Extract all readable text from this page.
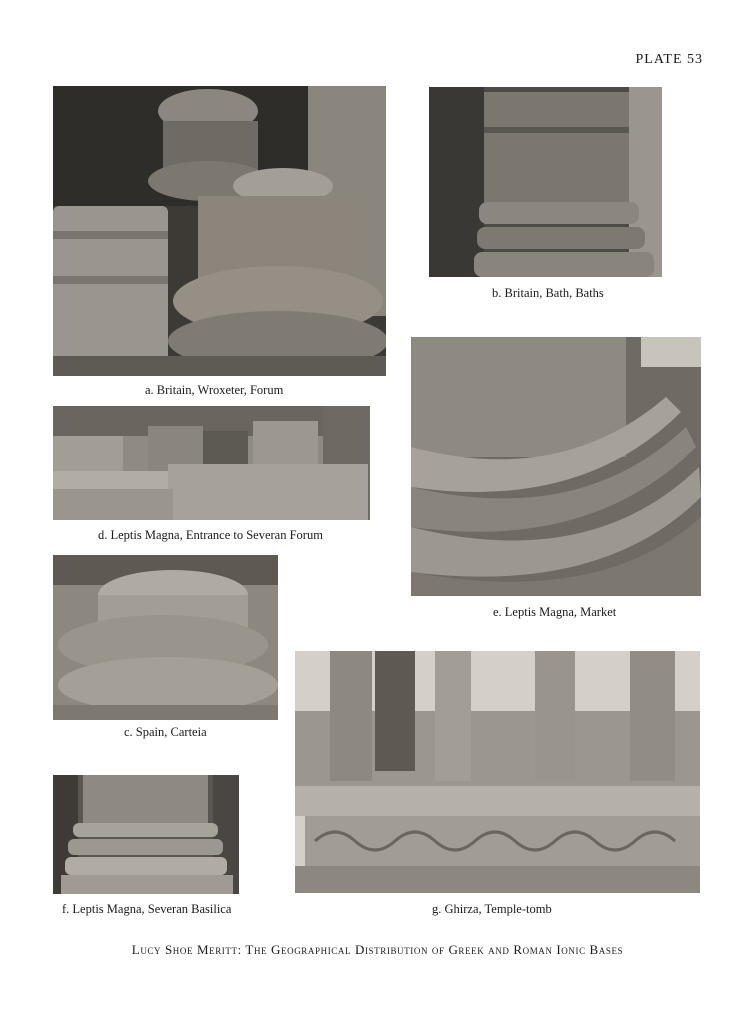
PLATE 53
a. Britain, Wroxeter, Forum
b. Britain, Bath, Baths
d. Leptis Magna, Entrance to Severan Forum
e. Leptis Magna, Market
c. Spain, Carteia
g. Ghirza, Temple-tomb
f. Leptis Magna, Severan Basilica
Lucy Shoe Meritt: The Geographical Distribution of Greek and Roman Ionic Bases
